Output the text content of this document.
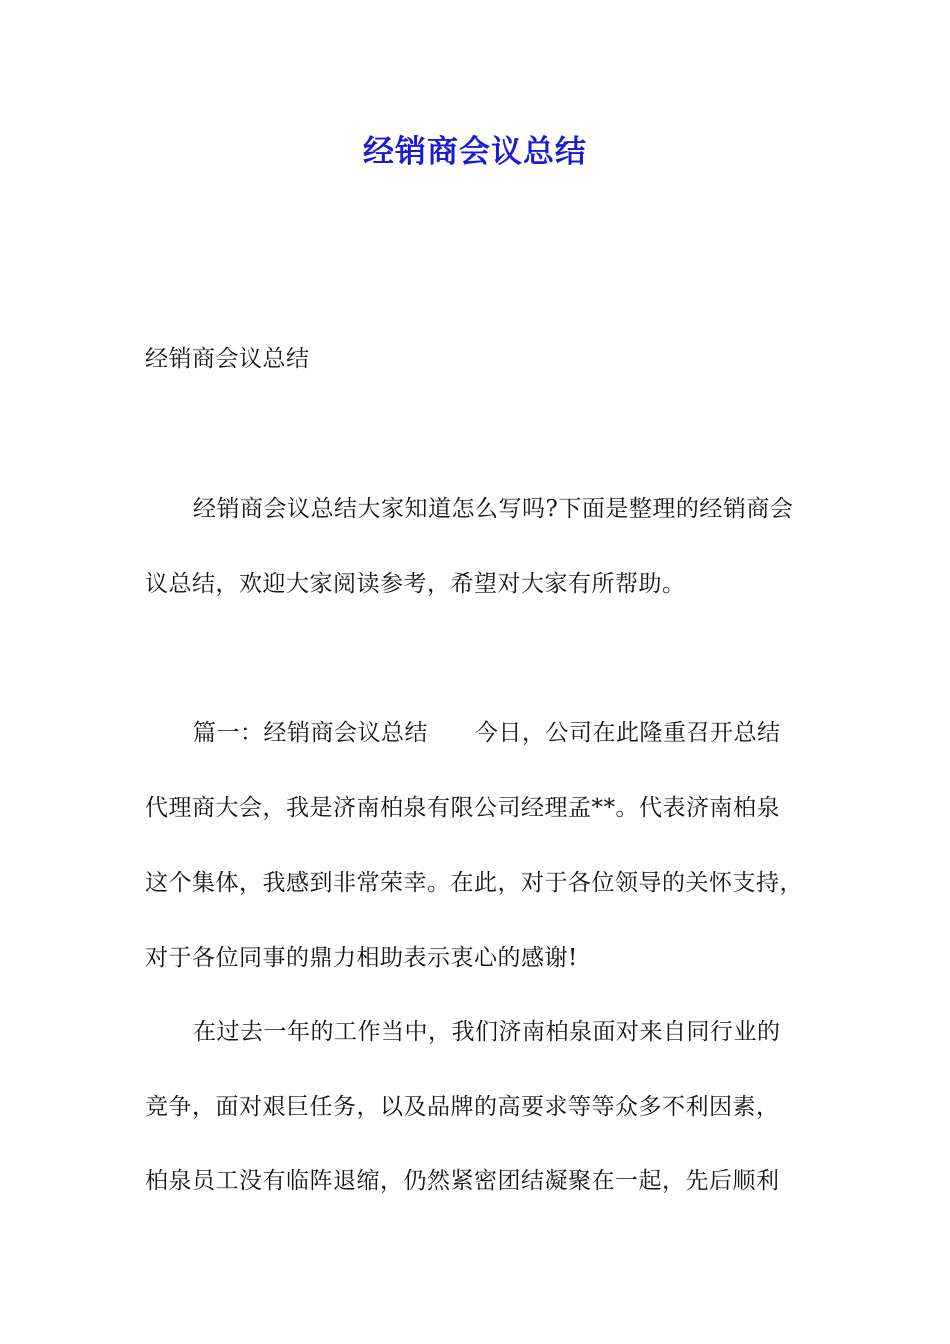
经销商会议总结
经销商会议总结
经销商会议总结大家知道怎么写吗?下面是整理的经销商会
议总结，欢迎大家阅读参考，希望对大家有所帮助。
篇一：经销商会议总结　　今日，公司在此隆重召开总结
代理商大会，我是济南柏泉有限公司经理孟**。代表济南柏泉
这个集体，我感到非常荣幸。在此，对于各位领导的关怀支持，
对于各位同事的鼎力相助表示衷心的感谢!
在过去一年的工作当中，我们济南柏泉面对来自同行业的
竞争，面对艰巨任务，以及品牌的高要求等等众多不利因素，
柏泉员工没有临阵退缩，仍然紧密团结凝聚在一起，先后顺利
